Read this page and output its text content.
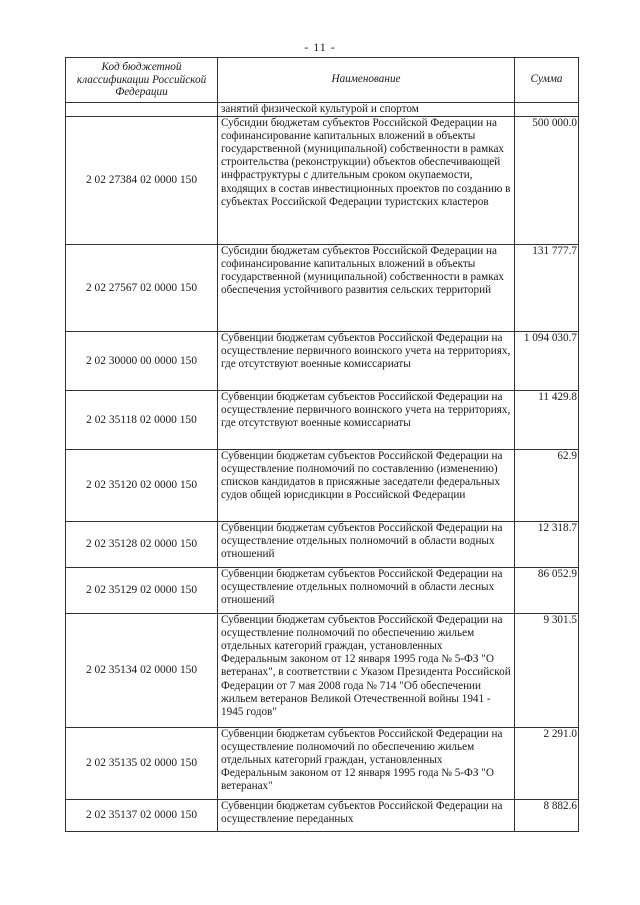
- 11 -
Код бюджетной классификации Российской Федерации	Наименование	Сумма
	занятий физической культурой и спортом	
2 02 27384 02 0000 150	Субсидии бюджетам субъектов Российской Федерации на софинансирование капитальных вложений в объекты государственной (муниципальной) собственности в рамках строительства (реконструкции) объектов обеспечивающей инфраструктуры с длительным сроком окупаемости, входящих в состав инвестиционных проектов по созданию в субъектах Российской Федерации туристских кластеров	500 000.0
2 02 27567 02 0000 150	Субсидии бюджетам субъектов Российской Федерации на софинансирование капитальных вложений в объекты государственной (муниципальной) собственности в рамках обеспечения устойчивого развития сельских территорий	131 777.7
2 02 30000 00 0000 150	Субвенции бюджетам субъектов Российской Федерации на осуществление первичного воинского учета на территориях, где отсутствуют военные комиссариаты	1 094 030.7
2 02 35118 02 0000 150	Субвенции бюджетам субъектов Российской Федерации на осуществление первичного воинского учета на территориях, где отсутствуют военные комиссариаты	11 429.8
2 02 35120 02 0000 150	Субвенции бюджетам субъектов Российской Федерации на осуществление полномочий по составлению (изменению) списков кандидатов в присяжные заседатели федеральных судов общей юрисдикции в Российской Федерации	62.9
2 02 35128 02 0000 150	Субвенции бюджетам субъектов Российской Федерации на осуществление отдельных полномочий в области водных отношений	12 318.7
2 02 35129 02 0000 150	Субвенции бюджетам субъектов Российской Федерации на осуществление отдельных полномочий в области лесных отношений	86 052.9
2 02 35134 02 0000 150	Субвенции бюджетам субъектов Российской Федерации на осуществление полномочий по обеспечению жильем отдельных категорий граждан, установленных Федеральным законом от 12 января 1995 года № 5-ФЗ "О ветеранах", в соответствии с Указом Президента Российской Федерации от 7 мая 2008 года № 714 "Об обеспечении жильем ветеранов Великой Отечественной войны 1941 - 1945 годов"	9 301.5
2 02 35135 02 0000 150	Субвенции бюджетам субъектов Российской Федерации на осуществление полномочий по обеспечению жильем отдельных категорий граждан, установленных Федеральным законом от 12 января 1995 года № 5-ФЗ "О ветеранах"	2 291.0
2 02 35137 02 0000 150	Субвенции бюджетам субъектов Российской Федерации на осуществление переданных	8 882.6
